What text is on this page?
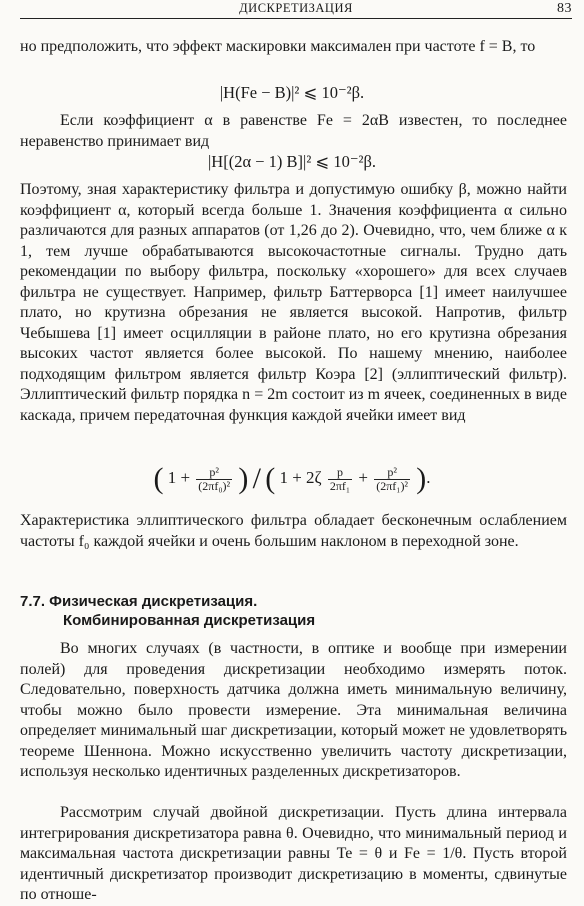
ДИСКРЕТИЗАЦИЯ	83

но предположить, что эффект маскировки максимален при частоте f = B, то

|H(Fe − B)|² ⩽ 10⁻²β.

Если коэффициент α в равенстве Fe = 2αB известен, то последнее неравенство принимает вид

|H[(2α − 1) B]|² ⩽ 10⁻²β.

Поэтому, зная характеристику фильтра и допустимую ошибку β, можно найти коэффициент α, который всегда больше 1. Значения коэффициента α сильно различаются для разных аппаратов (от 1,26 до 2). Очевидно, что, чем ближе α к 1, тем лучше обрабатываются высокочастотные сигналы. Трудно дать рекомендации по выбору фильтра, поскольку «хорошего» для всех случаев фильтра не существует. Например, фильтр Баттерворса [1] имеет наилучшее плато, но крутизна обрезания не является высокой. Напротив, фильтр Чебышева [1] имеет осцилляции в районе плато, но его крутизна обрезания высоких частот является более высокой. По нашему мнению, наиболее подходящим фильтром является фильтр Коэра [2] (эллиптический фильтр). Эллиптический фильтр порядка n = 2m состоит из m ячеек, соединенных в виде каскада, причем передаточная функция каждой ячейки имеет вид

( $1 + \frac{\text{p²}}{\text{(2πf₀)²}}$ ) / ( $1 + 2\zeta \frac{p}{\text{2πf₁}} + \frac{\text{p²}}{\text{(2πf₁)²}}$ ).

Характеристика эллиптического фильтра обладает бесконечным ослаблением частоты f₀ каждой ячейки и очень большим наклоном в переходной зоне.

7.7. Физическая дискретизация.
Комбинированная дискретизация

Во многих случаях (в частности, в оптике и вообще при измерении полей) для проведения дискретизации необходимо измерять поток. Следовательно, поверхность датчика должна иметь минимальную величину, чтобы можно было провести измерение. Эта минимальная величина определяет минимальный шаг дискретизации, который может не удовлетворять теореме Шеннона. Можно искусственно увеличить частоту дискретизации, используя несколько идентичных разделенных дискретизаторов.

Рассмотрим случай двойной дискретизации. Пусть длина интервала интегрирования дискретизатора равна θ. Очевидно, что минимальный период и максимальная частота дискретизации равны Te = θ и Fe = 1/θ. Пусть второй идентичный дискретизатор производит дискретизацию в моменты, сдвинутые по отноше-
